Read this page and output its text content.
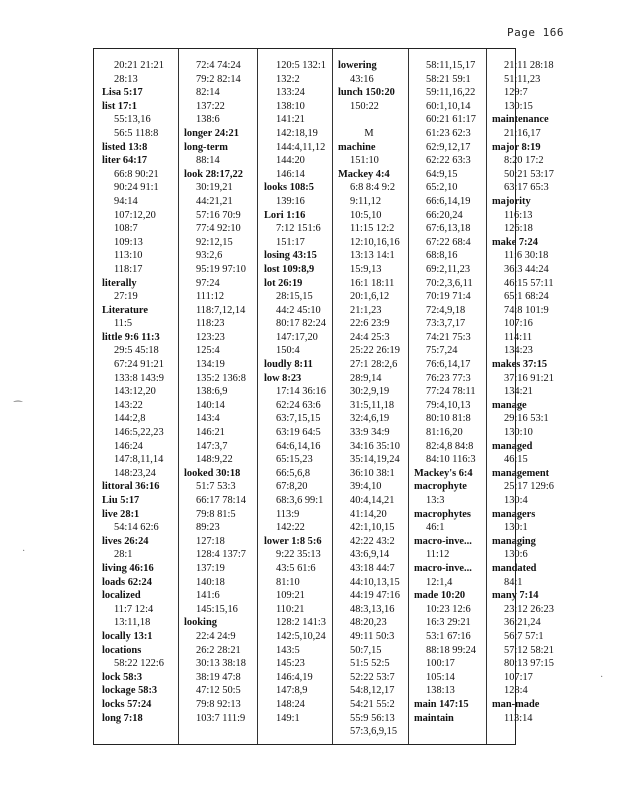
Page 166
⁀
·
·
20:21 21:21
28:13
Lisa 5:17
list 17:1
55:13,16
56:5 118:8
listed 13:8
liter 64:17
66:8 90:21
90:24 91:1
94:14
107:12,20
108:7
109:13
113:10
118:17
literally
27:19
Literature
11:5
little 9:6 11:3
29:5 45:18
67:24 91:21
133:8 143:9
143:12,20
143:22
144:2,8
146:5,22,23
146:24
147:8,11,14
148:23,24
littoral 36:16
Liu 5:17
live 28:1
54:14 62:6
lives 26:24
28:1
living 46:16
loads 62:24
localized
11:7 12:4
13:11,18
locally 13:1
locations
58:22 122:6
lock 58:3
lockage 58:3
locks 57:24
long 7:18
72:4 74:24
79:2 82:14
82:14
137:22
138:6
longer 24:21
long-term
88:14
look 28:17,22
30:19,21
44:21,21
57:16 70:9
77:4 92:10
92:12,15
93:2,6
95:19 97:10
97:24
111:12
118:7,12,14
118:23
123:23
125:4
134:19
135:2 136:8
138:6,9
140:14
143:4
146:21
147:3,7
148:9,22
looked 30:18
51:7 53:3
66:17 78:14
79:8 81:5
89:23
127:18
128:4 137:7
137:19
140:18
141:6
145:15,16
looking
22:4 24:9
26:2 28:21
30:13 38:18
38:19 47:8
47:12 50:5
79:8 92:13
103:7 111:9
120:5 132:1
132:2
133:24
138:10
141:21
142:18,19
144:4,11,12
144:20
146:14
looks 108:5
139:16
Lori 1:16
7:12 151:6
151:17
losing 43:15
lost 109:8,9
lot 26:19
28:15,15
44:2 45:10
80:17 82:24
147:17,20
150:4
loudly 8:11
low 8:23
17:14 36:16
62:24 63:6
63:7,15,15
63:19 64:5
64:6,14,16
65:15,23
66:5,6,8
67:8,20
68:3,6 99:1
113:9
142:22
lower 1:8 5:6
9:22 35:13
43:5 61:6
81:10
109:21
110:21
128:2 141:3
142:5,10,24
143:5
145:23
146:4,19
147:8,9
148:24
149:1
lowering
43:16
lunch 150:20
150:22
M
machine
151:10
Mackey 4:4
6:8 8:4 9:2
9:11,12
10:5,10
11:15 12:2
12:10,16,16
13:13 14:1
15:9,13
16:1 18:11
20:1,6,12
21:1,23
22:6 23:9
24:4 25:3
25:22 26:19
27:1 28:2,6
28:9,14
30:2,9,19
31:5,11,18
32:4,6,19
33:9 34:9
34:16 35:10
35:14,19,24
36:10 38:1
39:4,10
40:4,14,21
41:14,20
42:1,10,15
42:22 43:2
43:6,9,14
43:18 44:7
44:10,13,15
44:19 47:16
48:3,13,16
48:20,23
49:11 50:3
50:7,15
51:5 52:5
52:22 53:7
54:8,12,17
54:21 55:2
55:9 56:13
57:3,6,9,15
58:11,15,17
58:21 59:1
59:11,16,22
60:1,10,14
60:21 61:17
61:23 62:3
62:9,12,17
62:22 63:3
64:9,15
65:2,10
66:6,14,19
66:20,24
67:6,13,18
67:22 68:4
68:8,16
69:2,11,23
70:2,3,6,11
70:19 71:4
72:4,9,18
73:3,7,17
74:21 75:3
75:7,24
76:6,14,17
76:23 77:3
77:24 78:11
79:4,10,13
80:10 81:8
81:16,20
82:4,8 84:8
84:10 116:3
Mackey's 6:4
macrophyte
13:3
macrophytes
46:1
macro-inve...
11:12
macro-inve...
12:1,4
made 10:20
10:23 12:6
16:3 29:21
53:1 67:16
88:18 99:24
100:17
105:14
138:13
main 147:15
maintain
21:11 28:18
51:11,23
129:7
130:15
maintenance
21:16,17
major 8:19
8:20 17:2
50:21 53:17
63:17 65:3
majority
116:13
126:18
make 7:24
11:6 30:18
36:3 44:24
46:15 57:11
65:1 68:24
74:8 101:9
107:16
114:11
134:23
makes 37:15
37:16 91:21
134:21
manage
29:16 53:1
130:10
managed
46:15
management
25:17 129:6
130:4
managers
130:1
managing
130:6
mandated
84:1
many 7:14
23:12 26:23
36:21,24
56:7 57:1
57:12 58:21
80:13 97:15
107:17
128:4
man-made
113:14
